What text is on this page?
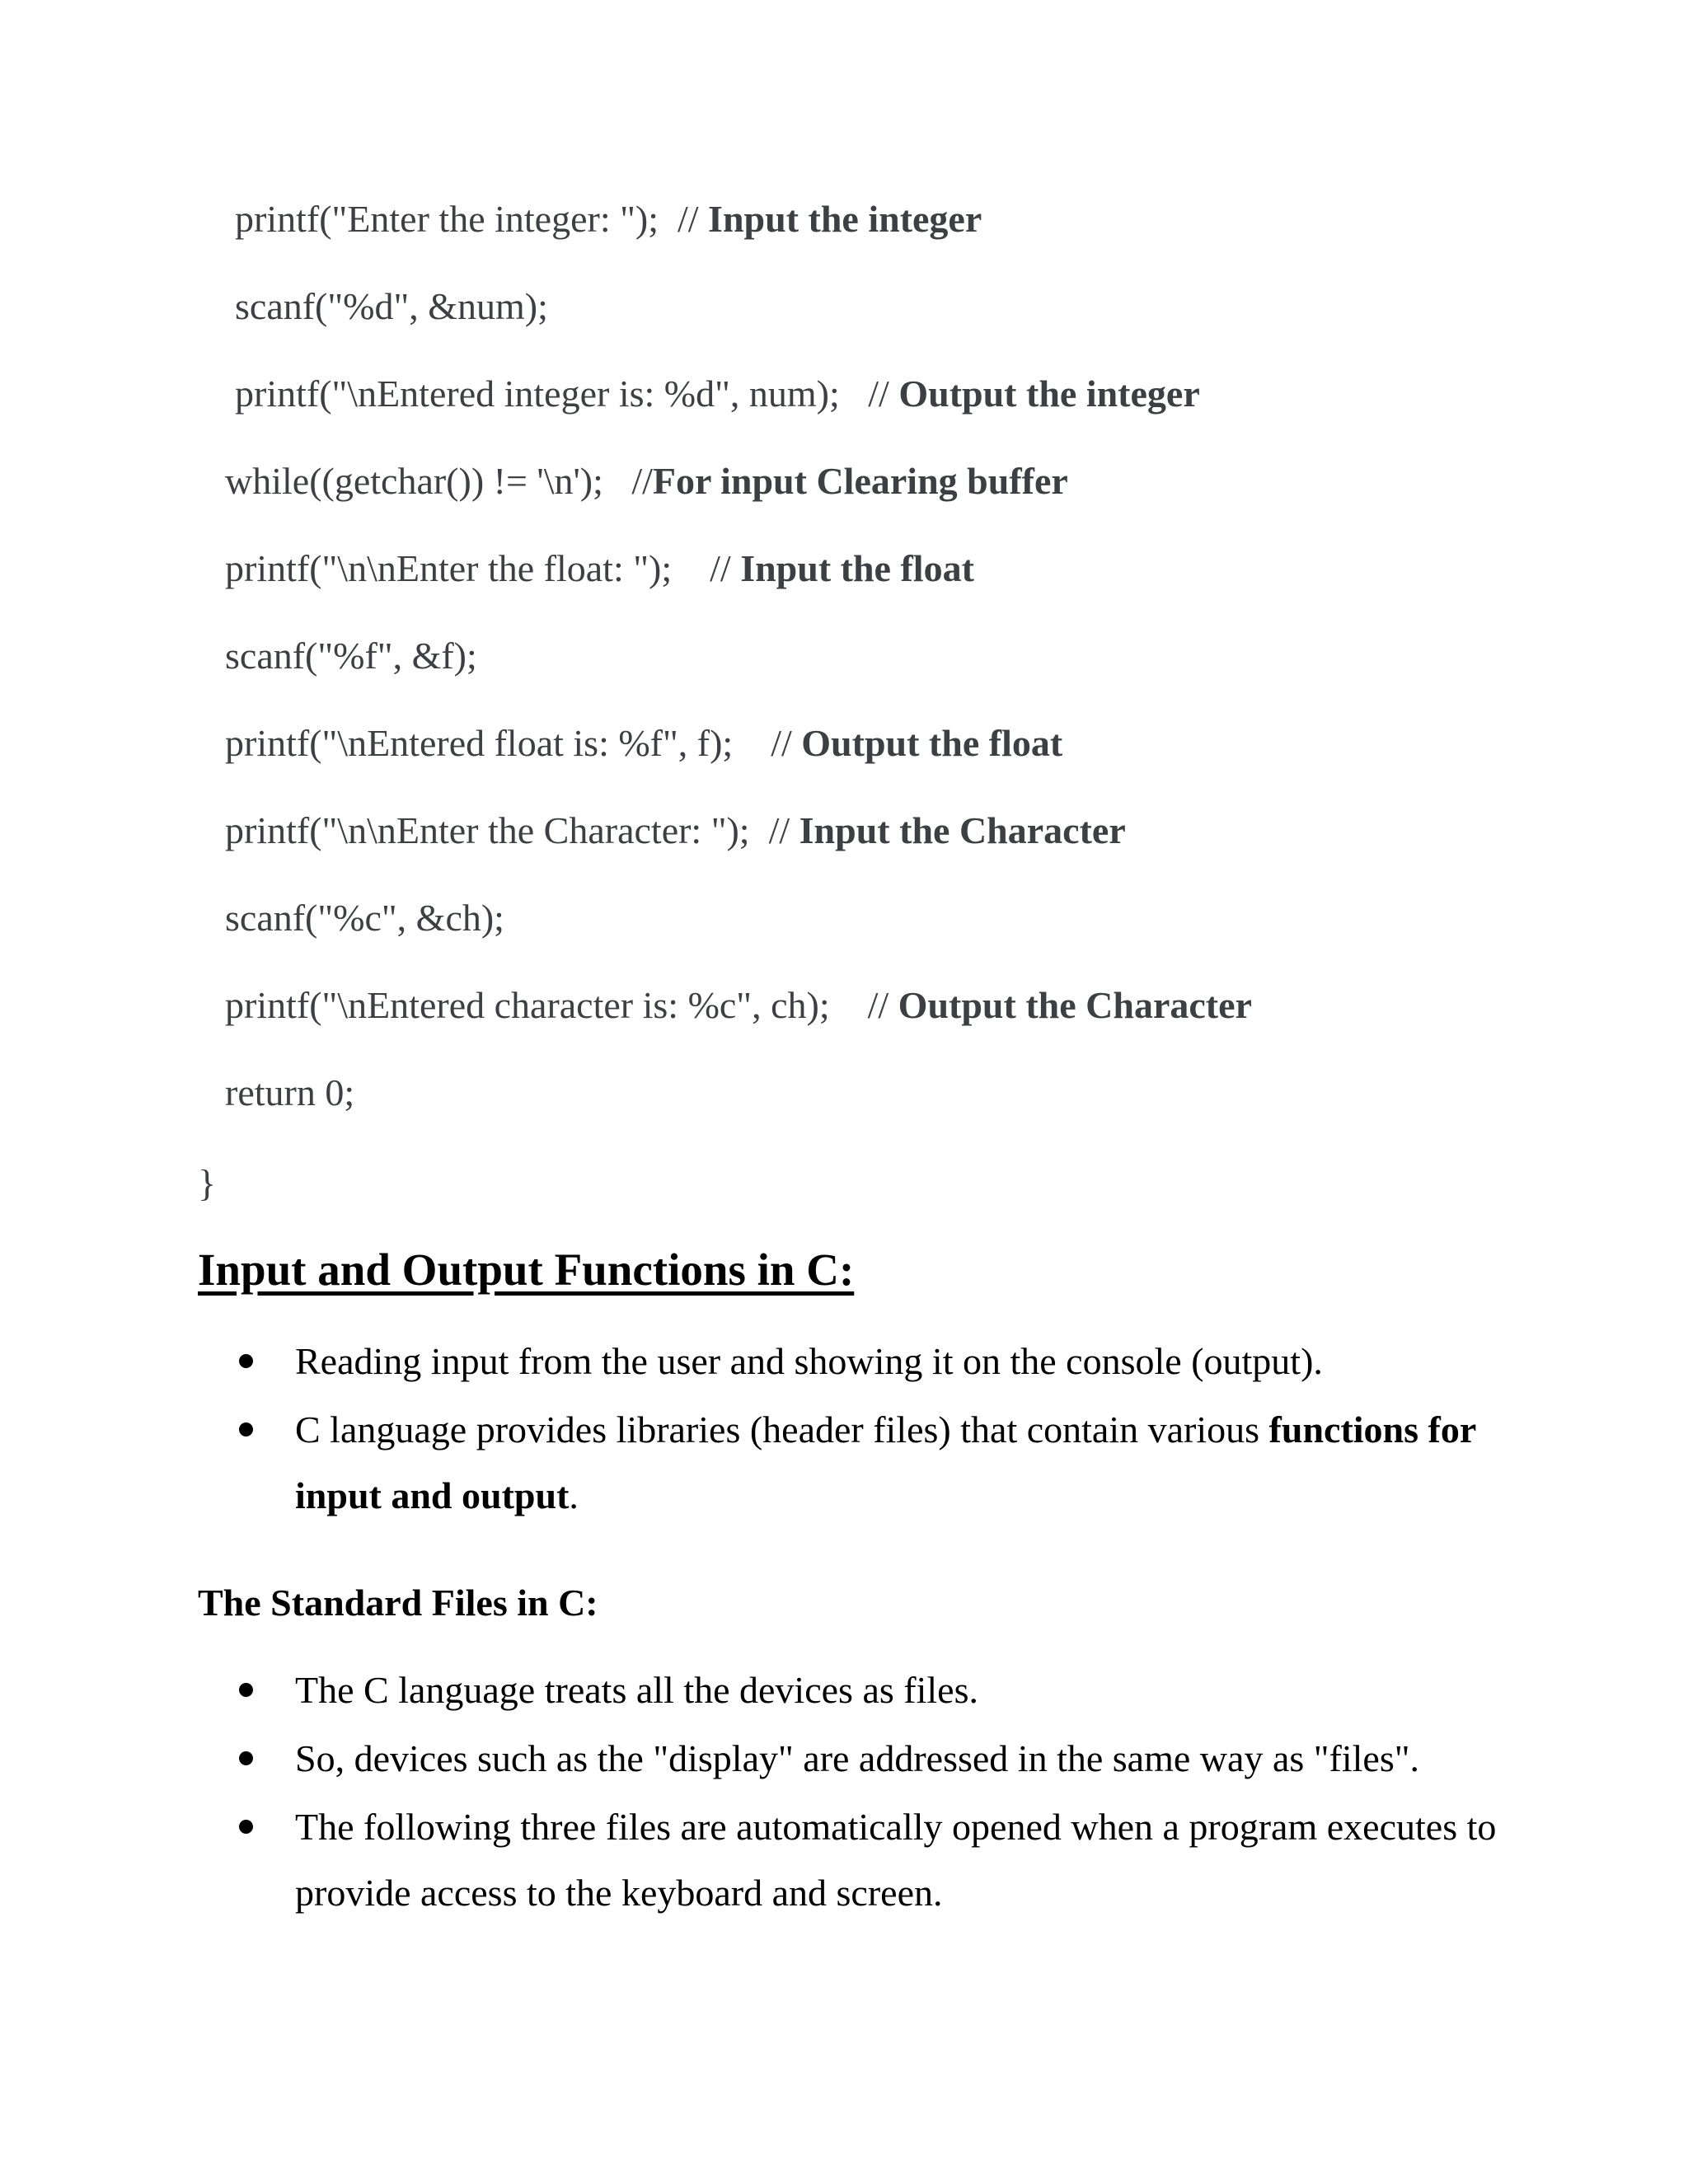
printf("Enter the integer: ");  // Input the integer
scanf("%d", &num);
printf("\nEntered integer is: %d", num);   // Output the integer
while((getchar()) != '\n');   //For input Clearing buffer
printf("\n\nEnter the float: ");    // Input the float
scanf("%f", &f);
printf("\nEntered float is: %f", f);    // Output the float
printf("\n\nEnter the Character: ");  // Input the Character
scanf("%c", &ch);
printf("\nEntered character is: %c", ch);    // Output the Character
return 0;
}
Input and Output Functions in C:
Reading input from the user and showing it on the console (output).
C language provides libraries (header files) that contain various functions for input and output.
The Standard Files in C:
The C language treats all the devices as files.
So, devices such as the "display" are addressed in the same way as "files".
The following three files are automatically opened when a program executes to provide access to the keyboard and screen.
